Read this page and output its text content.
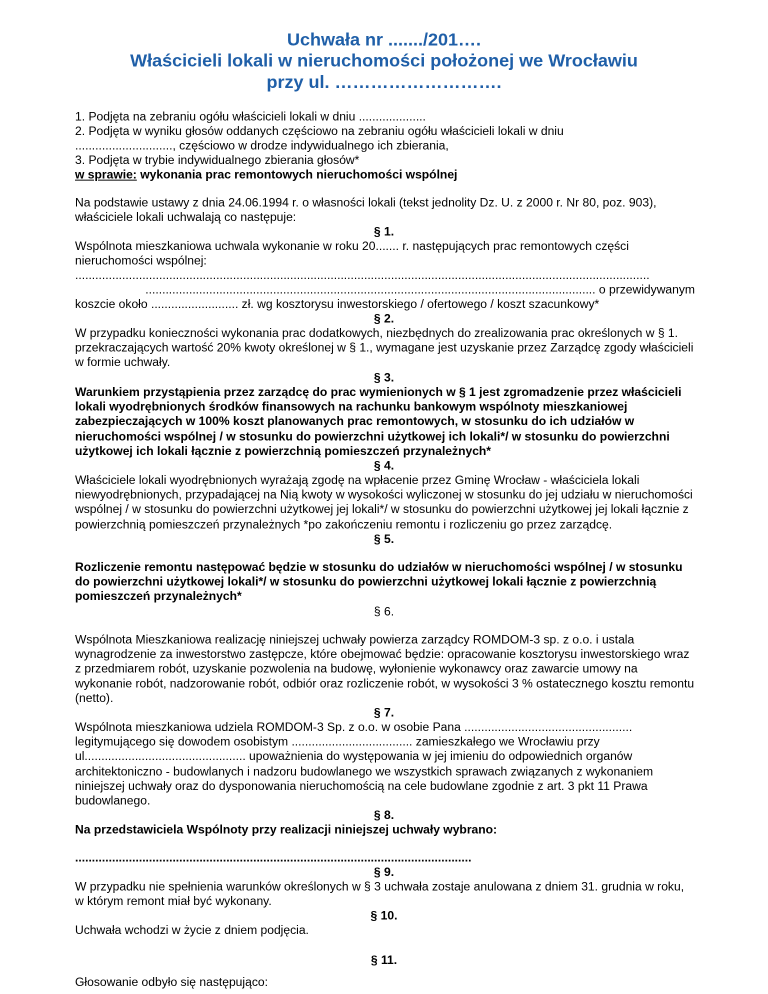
Uchwała nr ......./201….
Właścicieli lokali w nieruchomości położonej we Wrocławiu
przy ul. ……………………….
1. Podjęta na zebraniu ogółu właścicieli lokali w dniu ....................
2. Podjęta w wyniku głosów oddanych częściowo na zebraniu ogółu właścicieli lokali w dniu
............................., częściowo w drodze indywidualnego ich zbierania,
3. Podjęta w trybie indywidualnego zbierania głosów*
w sprawie: wykonania prac remontowych nieruchomości wspólnej
Na podstawie ustawy z dnia 24.06.1994 r. o własności lokali (tekst jednolity Dz. U. z 2000 r. Nr 80, poz. 903), właściciele lokali uchwalają co następuje:
§ 1.
Wspólnota mieszkaniowa uchwala wykonanie w roku 20....... r. następujących prac remontowych części nieruchomości wspólnej:
...........................................................................................................................................................................
...................................................................................................................................... o przewidywanym
koszcie około .......................... zł. wg kosztorysu inwestorskiego / ofertowego / koszt szacunkowy*
§ 2.
W przypadku konieczności wykonania prac dodatkowych, niezbędnych do zrealizowania prac określonych w § 1. przekraczających wartość 20% kwoty określonej w § 1., wymagane jest uzyskanie przez Zarządcę zgody właścicieli w formie uchwały.
§ 3.
Warunkiem przystąpienia przez zarządcę do prac wymienionych w § 1 jest zgromadzenie przez właścicieli lokali wyodrębnionych środków finansowych na rachunku bankowym wspólnoty mieszkaniowej zabezpieczających w 100% koszt planowanych prac remontowych, w stosunku do ich udziałów w nieruchomości wspólnej / w stosunku do powierzchni użytkowej ich lokali*/ w stosunku do powierzchni użytkowej ich lokali łącznie z powierzchnią pomieszczeń przynależnych*
§ 4.
Właściciele lokali wyodrębnionych wyrażają zgodę na wpłacenie przez Gminę Wrocław - właściciela lokali niewyodrębnionych, przypadającej na Nią kwoty w wysokości wyliczonej w stosunku do jej udziału w nieruchomości wspólnej / w stosunku do powierzchni użytkowej jej lokali*/ w stosunku do powierzchni użytkowej jej lokali łącznie z powierzchnią pomieszczeń przynależnych *po zakończeniu remontu i rozliczeniu go przez zarządcę.
§ 5.
Rozliczenie remontu następować będzie w stosunku do udziałów w nieruchomości wspólnej / w stosunku do powierzchni użytkowej lokali*/ w stosunku do powierzchni użytkowej lokali łącznie z powierzchnią pomieszczeń przynależnych*
§ 6.
Wspólnota Mieszkaniowa realizację niniejszej uchwały powierza zarządcy ROMDOM-3 sp. z o.o. i ustala wynagrodzenie za inwestorstwo zastępcze, które obejmować będzie: opracowanie kosztorysu inwestorskiego wraz z przedmiarem robót, uzyskanie pozwolenia na budowę, wyłonienie wykonawcy oraz zawarcie umowy na wykonanie robót, nadzorowanie robót, odbiór oraz rozliczenie robót, w wysokości 3 % ostatecznego kosztu remontu (netto).
§ 7.
Wspólnota mieszkaniowa udziela ROMDOM-3 Sp. z o.o. w osobie Pana .................................................. legitymującego się dowodem osobistym .................................... zamieszkałego we Wrocławiu przy ul................................................ upoważnienia do występowania w jej imieniu do odpowiednich organów architektoniczno - budowlanych i nadzoru budowlanego we wszystkich sprawach związanych z wykonaniem niniejszej uchwały oraz do dysponowania nieruchomością na cele budowlane zgodnie z art. 3 pkt 11 Prawa budowlanego.
§ 8.
Na przedstawiciela Wspólnoty przy realizacji niniejszej uchwały wybrano:
......................................................................................................................
§ 9.
W przypadku nie spełnienia warunków określonych w § 3 uchwała zostaje anulowana z dniem 31. grudnia w roku, w którym remont miał być wykonany.
§ 10.
Uchwała wchodzi w życie z dniem podjęcia.
§ 11.
Głosowanie odbyło się następująco:
